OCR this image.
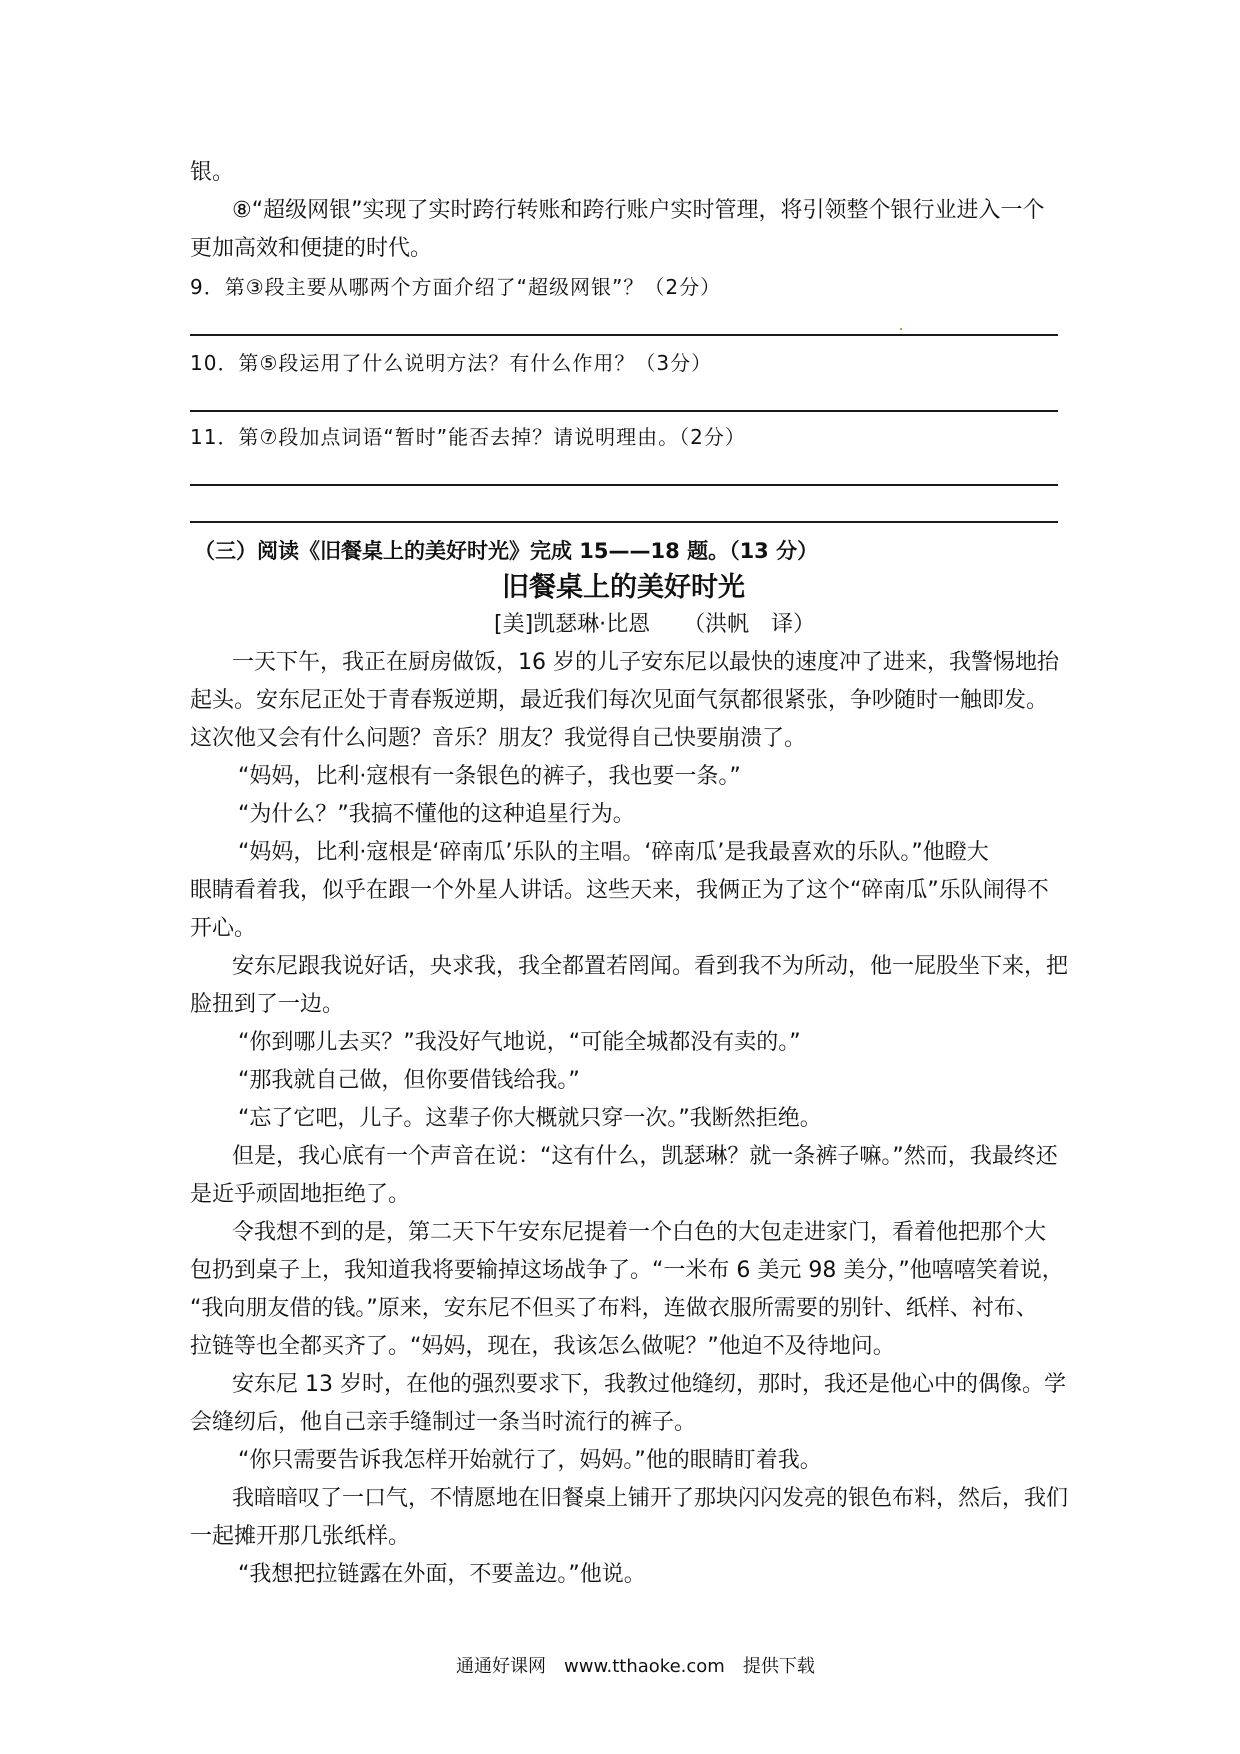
银。
⑧“超级网银”实现了实时跨行转账和跨行账户实时管理，将引领整个银行业进入一个
更加高效和便捷的时代。
9．第③段主要从哪两个方面介绍了“超级网银”？（2分）
10．第⑤段运用了什么说明方法？有什么作用？（3分）
11．第⑦段加点词语“暂时”能否去掉？请说明理由。（2分）
（三）阅读《旧餐桌上的美好时光》完成 15——18 题。（13 分）
旧餐桌上的美好时光
[美]凯瑟琳·比恩　　（洪帆　译）
一天下午，我正在厨房做饭，16 岁的儿子安东尼以最快的速度冲了进来，我警惕地抬
起头。安东尼正处于青春叛逆期，最近我们每次见面气氛都很紧张，争吵随时一触即发。
这次他又会有什么问题？音乐？朋友？我觉得自己快要崩溃了。
“妈妈，比利·寇根有一条银色的裤子，我也要一条。”
“为什么？”我搞不懂他的这种追星行为。
“妈妈，比利·寇根是‘碎南瓜’乐队的主唱。‘碎南瓜’是我最喜欢的乐队。”他瞪大
眼睛看着我，似乎在跟一个外星人讲话。这些天来，我俩正为了这个“碎南瓜”乐队闹得不
开心。
安东尼跟我说好话，央求我，我全都置若罔闻。看到我不为所动，他一屁股坐下来，把
脸扭到了一边。
“你到哪儿去买？”我没好气地说，“可能全城都没有卖的。”
“那我就自己做，但你要借钱给我。”
“忘了它吧，儿子。这辈子你大概就只穿一次。”我断然拒绝。
但是，我心底有一个声音在说：“这有什么，凯瑟琳？就一条裤子嘛。”然而，我最终还
是近乎顽固地拒绝了。
令我想不到的是，第二天下午安东尼提着一个白色的大包走进家门，看着他把那个大
包扔到桌子上，我知道我将要输掉这场战争了。“一米布 6 美元 98 美分，”他嘻嘻笑着说，
“我向朋友借的钱。”原来，安东尼不但买了布料，连做衣服所需要的别针、纸样、衬布、
拉链等也全都买齐了。“妈妈，现在，我该怎么做呢？”他迫不及待地问。
安东尼 13 岁时，在他的强烈要求下，我教过他缝纫，那时，我还是他心中的偶像。学
会缝纫后，他自己亲手缝制过一条当时流行的裤子。
“你只需要告诉我怎样开始就行了，妈妈。”他的眼睛盯着我。
我暗暗叹了一口气，不情愿地在旧餐桌上铺开了那块闪闪发亮的银色布料，然后，我们
一起摊开那几张纸样。
“我想把拉链露在外面，不要盖边。”他说。
通通好课网　www.tthaoke.com　提供下载
